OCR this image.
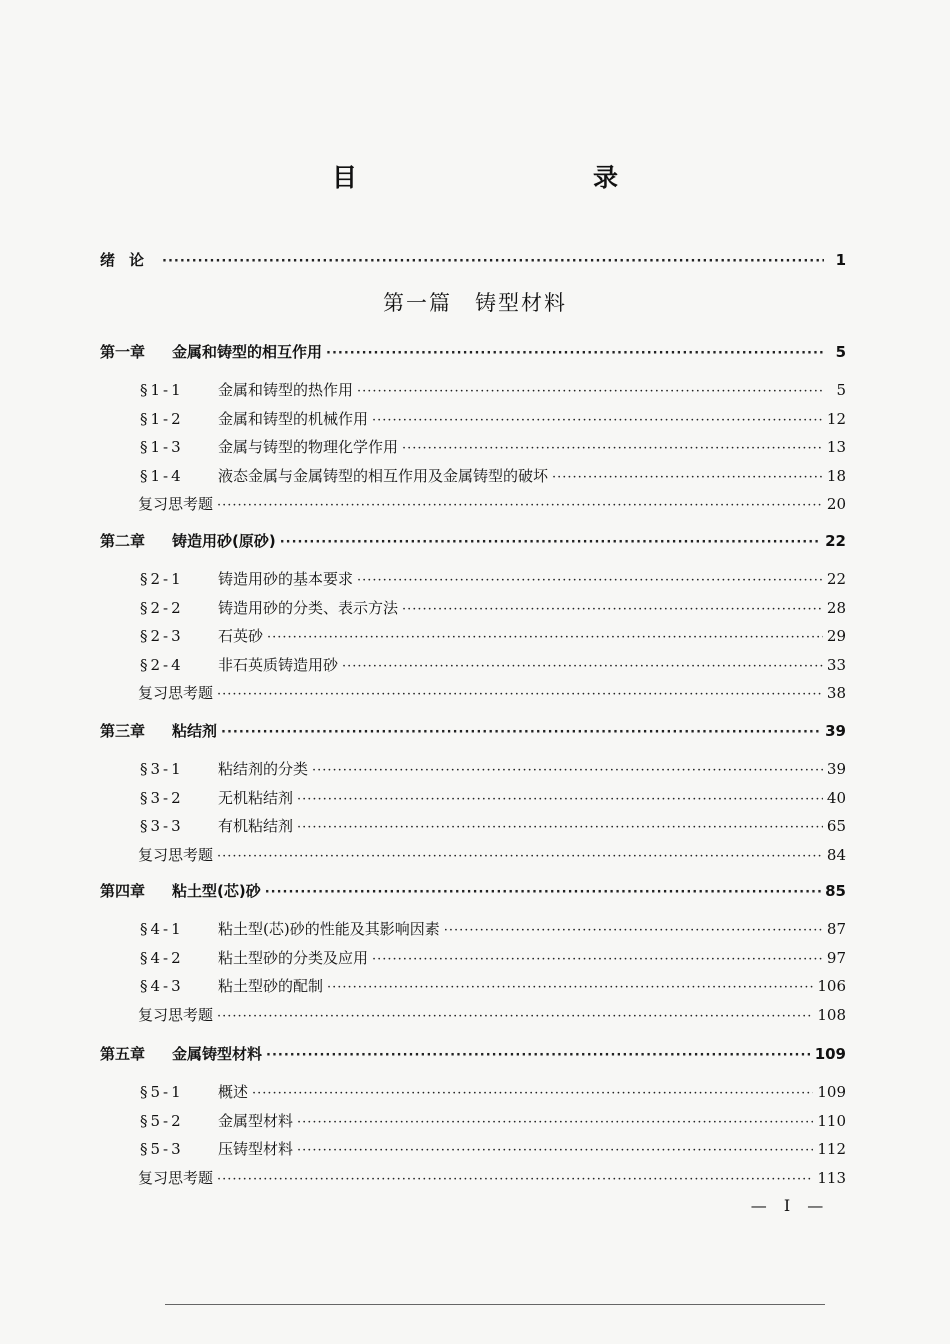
目　　录
绪论 ·····	1
第一篇　铸型材料
第一章 金属和铸型的相互作用 ·····	5
§1-1 金属和铸型的热作用 ·····	5
§1-2 金属和铸型的机械作用 ·····	12
§1-3 金属与铸型的物理化学作用 ·····	13
§1-4 液态金属与金属铸型的相互作用及金属铸型的破坏 ·····	18
复习思考题 ·····	20
第二章 铸造用砂(原砂) ·····	22
§2-1 铸造用砂的基本要求 ·····	22
§2-2 铸造用砂的分类、表示方法 ·····	28
§2-3 石英砂 ·····	29
§2-4 非石英质铸造用砂 ·····	33
复习思考题 ·····	38
第三章 粘结剂 ·····	39
§3-1 粘结剂的分类 ·····	39
§3-2 无机粘结剂 ·····	40
§3-3 有机粘结剂 ·····	65
复习思考题 ·····	84
第四章 粘土型(芯)砂 ·····	85
§4-1 粘土型(芯)砂的性能及其影响因素 ·····	87
§4-2 粘土型砂的分类及应用 ·····	97
§4-3 粘土型砂的配制 ·····	106
复习思考题 ·····	108
第五章 金属铸型材料 ·····	109
§5-1 概述 ·····	109
§5-2 金属型材料 ·····	110
§5-3 压铸型材料 ·····	112
复习思考题 ·····	113
— I —
